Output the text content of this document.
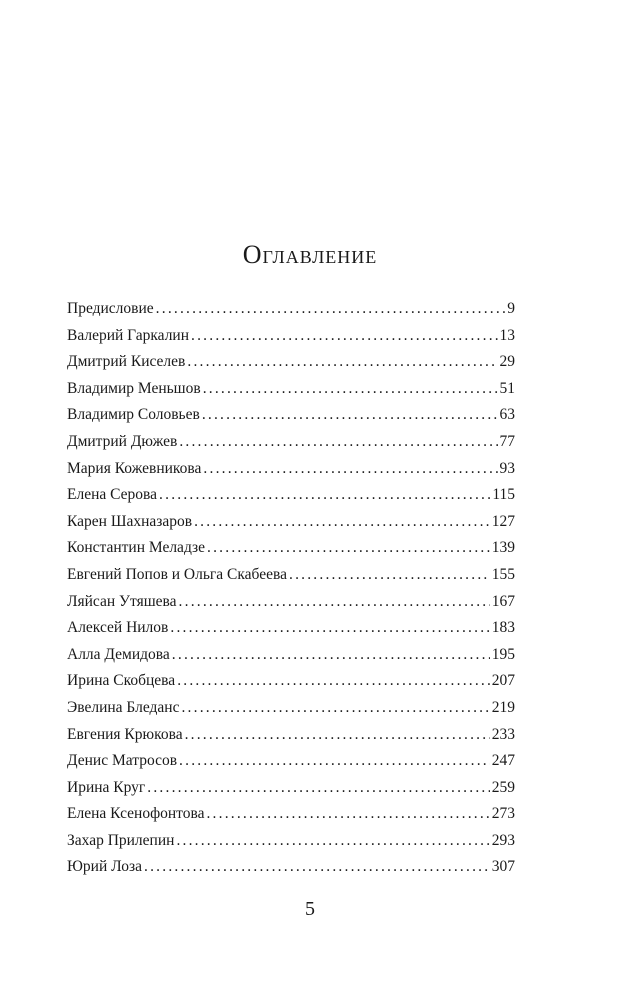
Оглавление
Предисловие .....	9
Валерий Гаркалин .....	13
Дмитрий Киселев .....	29
Владимир Меньшов .....	51
Владимир Соловьев .....	63
Дмитрий Дюжев .....	77
Мария Кожевникова .....	93
Елена Серова .....	115
Карен Шахназаров .....	127
Константин Меладзе .....	139
Евгений Попов и Ольга Скабеева .....	155
Ляйсан Утяшева .....	167
Алексей Нилов .....	183
Алла Демидова .....	195
Ирина Скобцева .....	207
Эвелина Бледанс .....	219
Евгения Крюкова .....	233
Денис Матросов .....	247
Ирина Круг .....	259
Елена Ксенофонтова .....	273
Захар Прилепин .....	293
Юрий Лоза .....	307
5
